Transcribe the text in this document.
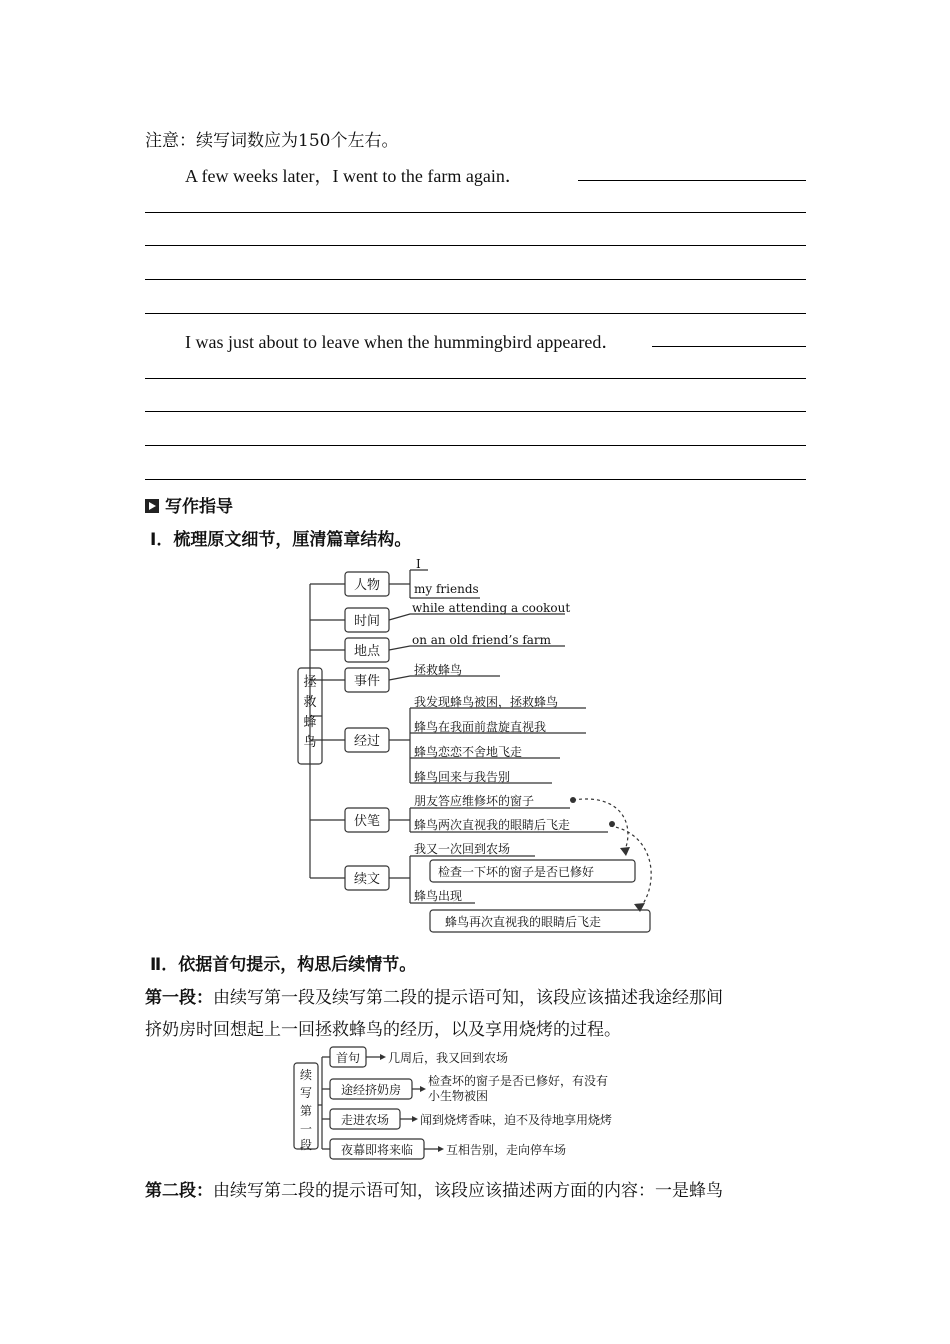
注意：续写词数应为150个左右。
A few weeks later，I went to the farm again．
I was just about to leave when the hummingbird appeared．
写作指导
Ⅰ．梳理原文细节，厘清篇章结构。
拯
救
蜂
鸟
人物
时间
地点
事件
经过
伏笔
续文
I
my friends
while attending a cookout
on an old friend’s farm
拯救蜂鸟
我发现蜂鸟被困，拯救蜂鸟
蜂鸟在我面前盘旋直视我
蜂鸟恋恋不舍地飞走
蜂鸟回来与我告别
朋友答应维修坏的窗子
蜂鸟两次直视我的眼睛后飞走
我又一次回到农场
检查一下坏的窗子是否已修好
蜂鸟出现
蜂鸟再次直视我的眼睛后飞走
Ⅱ．依据首句提示，构思后续情节。
第一段：由续写第一段及续写第二段的提示语可知，该段应该描述我途经那间
挤奶房时回想起上一回拯救蜂鸟的经历，以及享用烧烤的过程。
续
写
第
一
段
首句
途经挤奶房
走进农场
夜幕即将来临
几周后，我又回到农场
检查坏的窗子是否已修好，有没有
小生物被困
闻到烧烤香味，迫不及待地享用烧烤
互相告别，走向停车场
第二段：由续写第二段的提示语可知，该段应该描述两方面的内容：一是蜂鸟
